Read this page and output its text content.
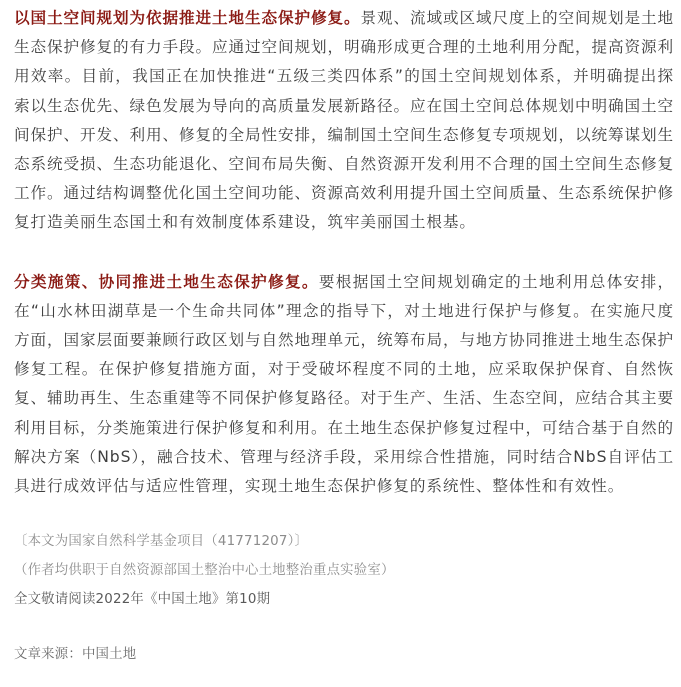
以国土空间规划为依据推进土地生态保护修复。景观、流域或区域尺度上的空间规划是土地生态保护修复的有力手段。应通过空间规划，明确形成更合理的土地利用分配，提高资源利用效率。目前，我国正在加快推进“五级三类四体系”的国土空间规划体系，并明确提出探索以生态优先、绿色发展为导向的高质量发展新路径。应在国土空间总体规划中明确国土空间保护、开发、利用、修复的全局性安排，编制国土空间生态修复专项规划，以统筹谋划生态系统受损、生态功能退化、空间布局失衡、自然资源开发利用不合理的国土空间生态修复工作。通过结构调整优化国土空间功能、资源高效利用提升国土空间质量、生态系统保护修复打造美丽生态国土和有效制度体系建设，筑牢美丽国土根基。

分类施策、协同推进土地生态保护修复。要根据国土空间规划确定的土地利用总体安排，在“山水林田湖草是一个生命共同体”理念的指导下，对土地进行保护与修复。在实施尺度方面，国家层面要兼顾行政区划与自然地理单元，统筹布局，与地方协同推进土地生态保护修复工程。在保护修复措施方面，对于受破坏程度不同的土地，应采取保护保育、自然恢复、辅助再生、生态重建等不同保护修复路径。对于生产、生活、生态空间，应结合其主要利用目标，分类施策进行保护修复和利用。在土地生态保护修复过程中，可结合基于自然的解决方案（NbS），融合技术、管理与经济手段，采用综合性措施，同时结合NbS自评估工具进行成效评估与适应性管理，实现土地生态保护修复的系统性、整体性和有效性。

〔本文为国家自然科学基金项目（41771207）〕

（作者均供职于自然资源部国土整治中心土地整治重点实验室）

全文敬请阅读2022年《中国土地》第10期

文章来源：中国土地
